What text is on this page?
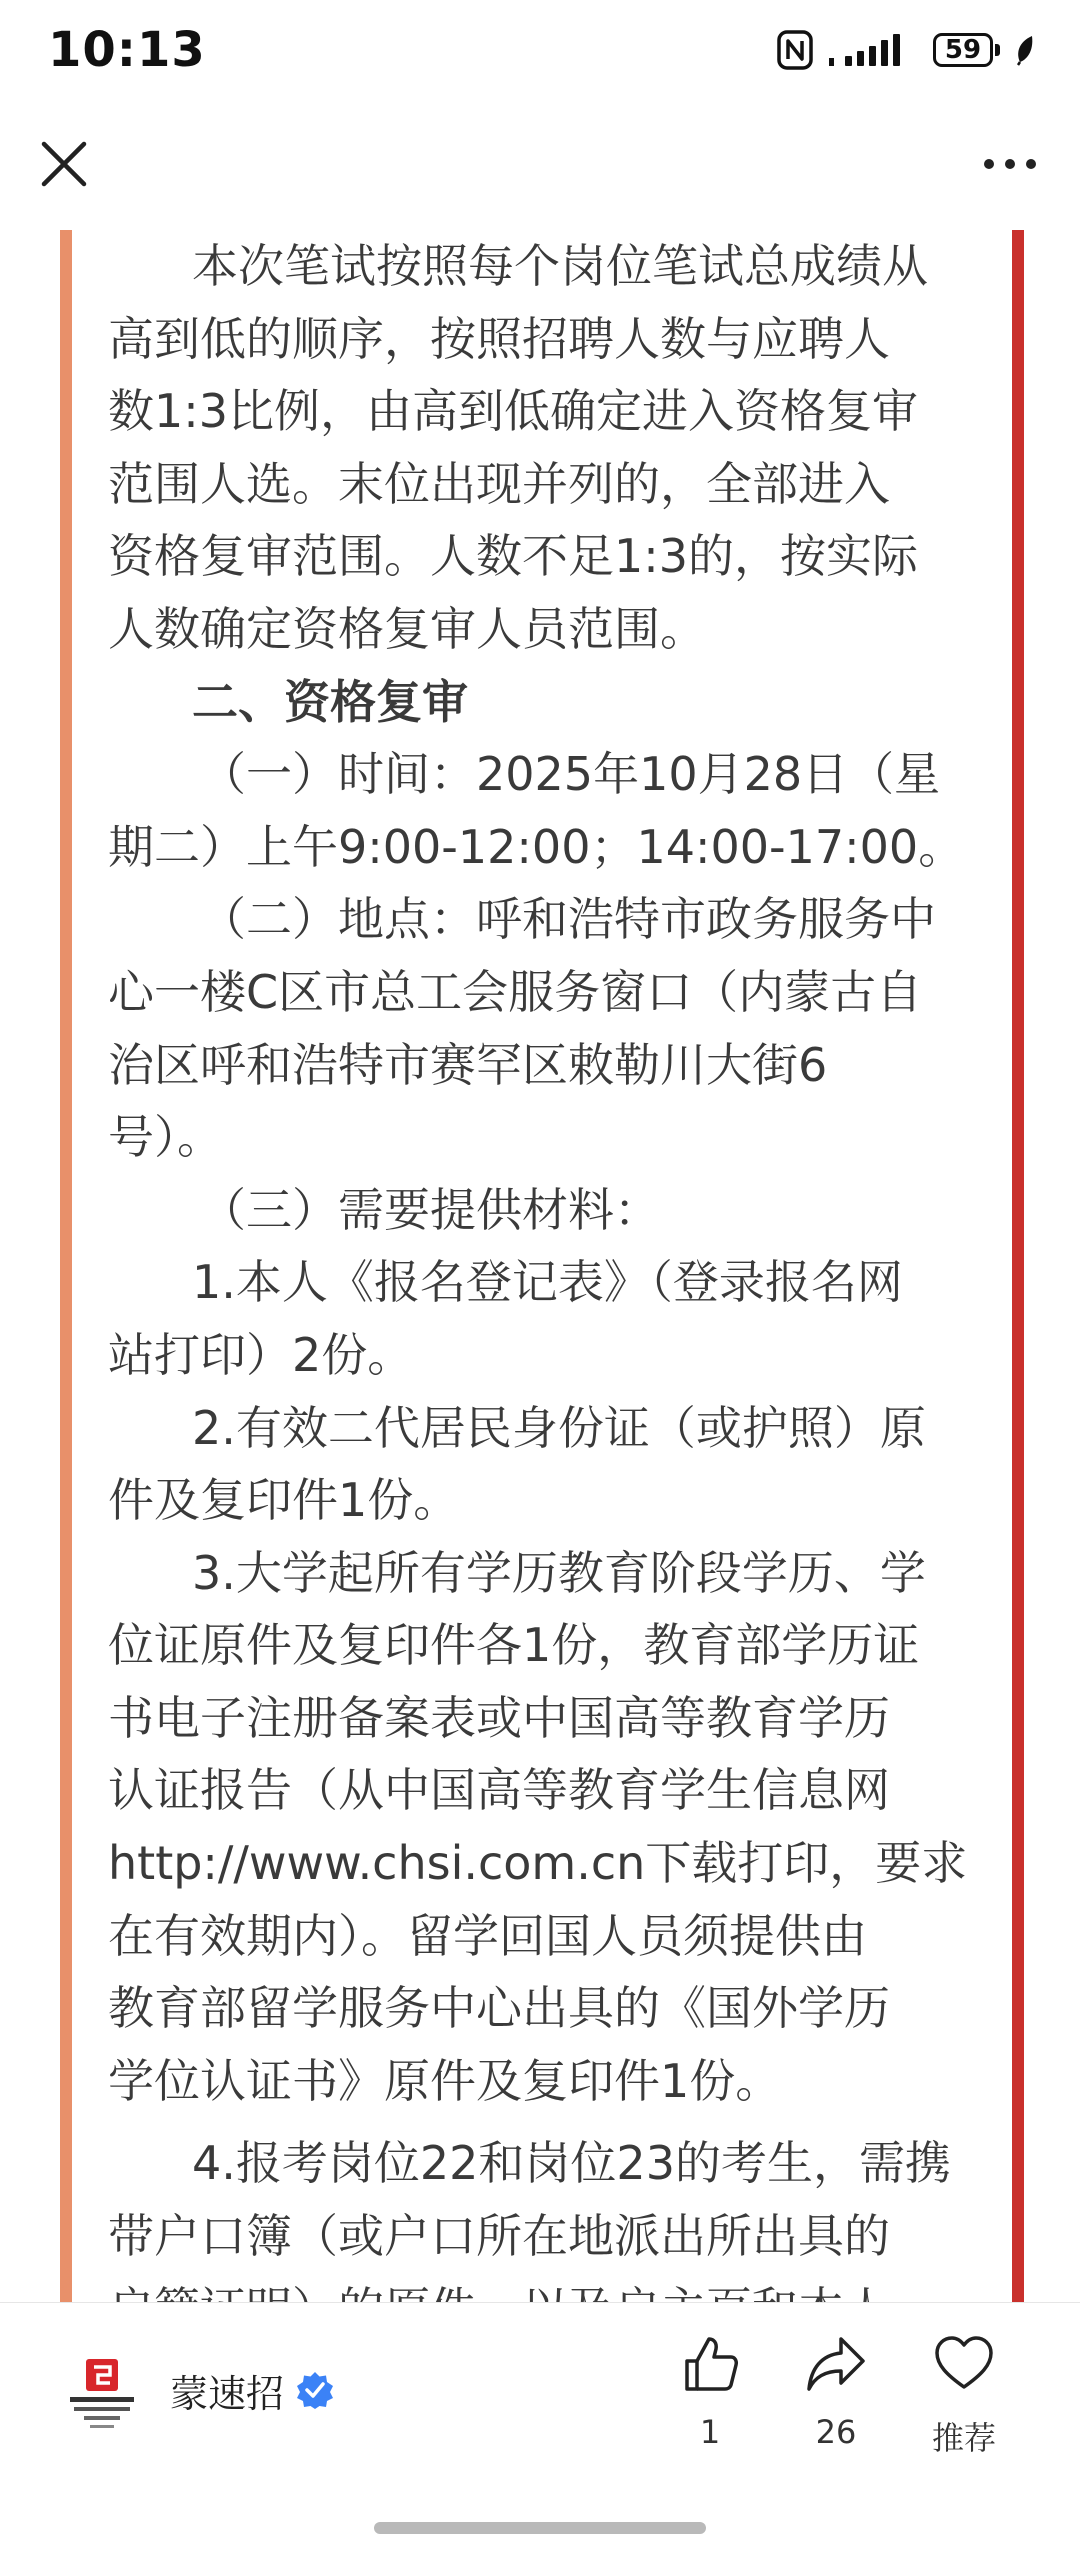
10:13	59

本次笔试按照每个岗位笔试总成绩从
高到低的顺序，按照招聘人数与应聘人
数1:3比例，由高到低确定进入资格复审
范围人选。末位出现并列的，全部进入
资格复审范围。人数不足1:3的，按实际
人数确定资格复审人员范围。

二、资格复审

（一）时间：2025年10月28日（星
期二）上午9:00-12:00；14:00-17:00。

（二）地点：呼和浩特市政务服务中
心一楼C区市总工会服务窗口（内蒙古自
治区呼和浩特市赛罕区敕勒川大街6
号）。

（三）需要提供材料：

1.本人《报名登记表》（登录报名网
站打印）2份。

2.有效二代居民身份证（或护照）原
件及复印件1份。

3.大学起所有学历教育阶段学历、学
位证原件及复印件各1份，教育部学历证
书电子注册备案表或中国高等教育学历
认证报告（从中国高等教育学生信息网
http://www.chsi.com.cn下载打印，要求
在有效期内）。留学回国人员须提供由
教育部留学服务中心出具的《国外学历
学位认证书》原件及复印件1份。

4.报考岗位22和岗位23的考生，需携
带户口簿（或户口所在地派出所出具的

蒙速招
1	26	推荐
